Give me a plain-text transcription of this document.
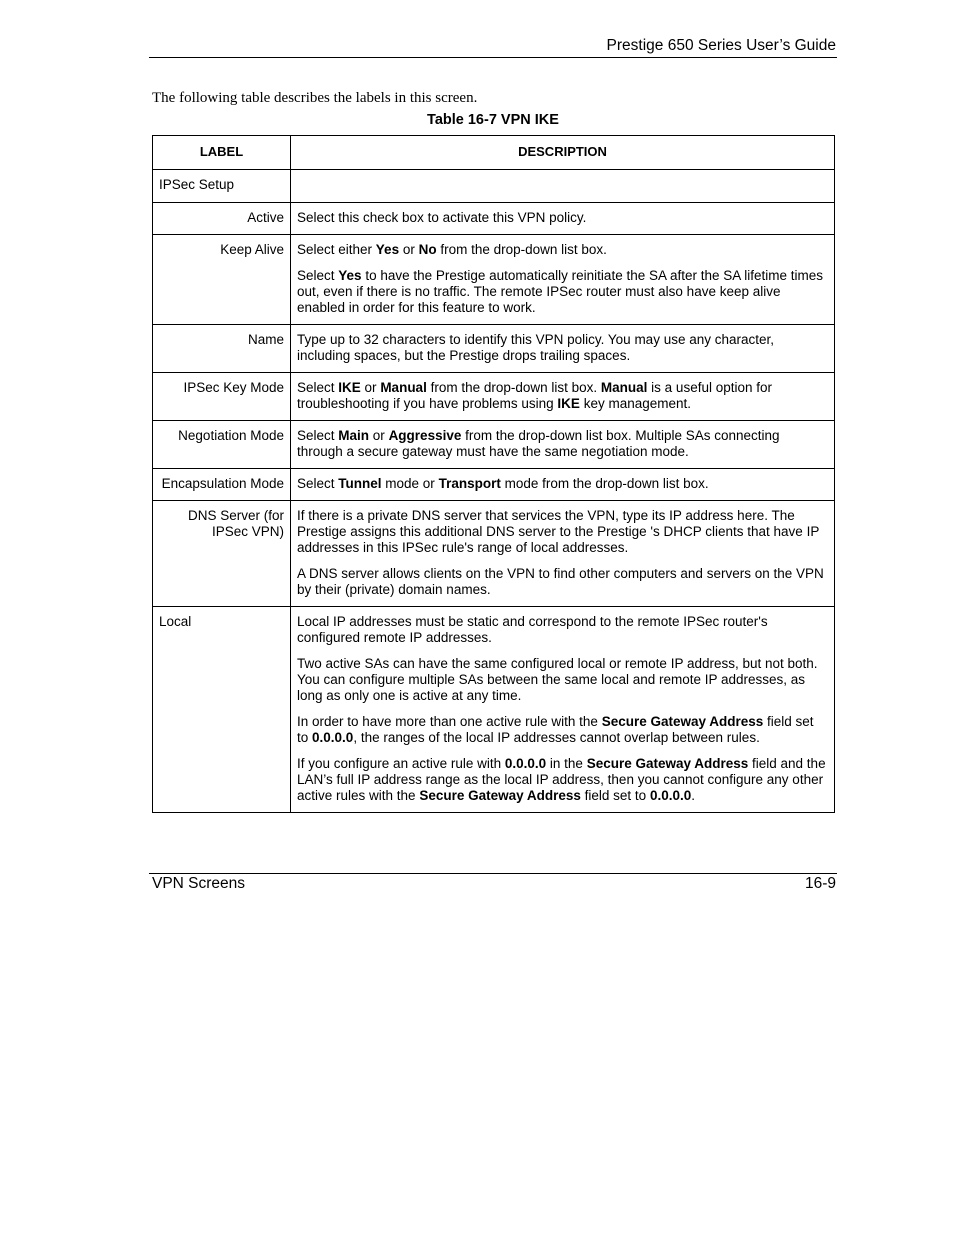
Prestige 650 Series User’s Guide
The following table describes the labels in this screen.
Table 16-7 VPN IKE
LABEL	DESCRIPTION
IPSec Setup	
Active	Select this check box to activate this VPN policy.

Keep Alive	Select either Yes or No from the drop-down list box.

Select Yes to have the Prestige automatically reinitiate the SA after the SA lifetime times out, even if there is no traffic. The remote IPSec router must also have keep alive enabled in order for this feature to work.

Name	Type up to 32 characters to identify this VPN policy. You may use any character, including spaces, but the Prestige drops trailing spaces.

IPSec Key Mode	Select IKE or Manual from the drop-down list box. Manual is a useful option for troubleshooting if you have problems using IKE key management.

Negotiation Mode	Select Main or Aggressive from the drop-down list box. Multiple SAs connecting through a secure gateway must have the same negotiation mode.

Encapsulation Mode	Select Tunnel mode or Transport mode from the drop-down list box.

DNS Server (for IPSec VPN)	If there is a private DNS server that services the VPN, type its IP address here. The Prestige assigns this additional DNS server to the Prestige 's DHCP clients that have IP addresses in this IPSec rule's range of local addresses.

A DNS server allows clients on the VPN to find other computers and servers on the VPN by their (private) domain names.

Local	Local IP addresses must be static and correspond to the remote IPSec router's configured remote IP addresses.

Two active SAs can have the same configured local or remote IP address, but not both. You can configure multiple SAs between the same local and remote IP addresses, as long as only one is active at any time.

In order to have more than one active rule with the Secure Gateway Address field set to 0.0.0.0, the ranges of the local IP addresses cannot overlap between rules.

If you configure an active rule with 0.0.0.0 in the Secure Gateway Address field and the LAN’s full IP address range as the local IP address, then you cannot configure any other active rules with the Secure Gateway Address field set to 0.0.0.0.

VPN Screens	16-9
